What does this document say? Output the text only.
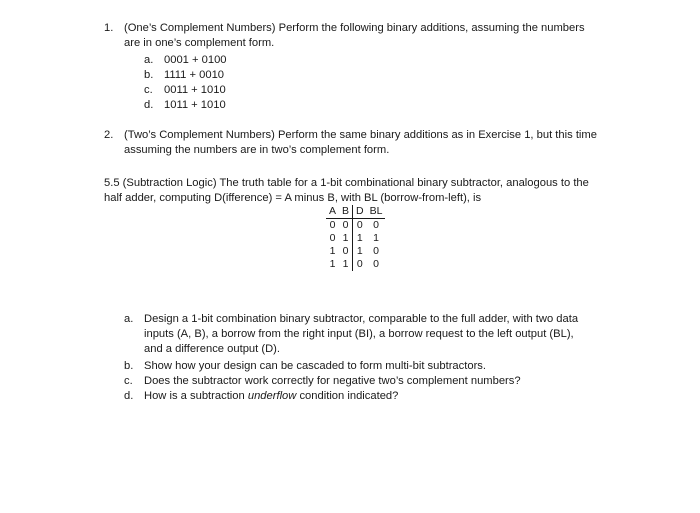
1. (One’s Complement Numbers) Perform the following binary additions, assuming the numbers
are in one’s complement form.
a. 0001 + 0100
b. 1111 + 0010
c. 0011 + 1010
d. 1011 + 1010
2. (Two’s Complement Numbers) Perform the same binary additions as in Exercise 1, but this time
assuming the numbers are in two’s complement form.
5.5 (Subtraction Logic) The truth table for a 1-bit combinational binary subtractor, analogous to the
half adder, computing D(ifference) = A minus B, with BL (borrow-from-left), is
A	B	D	BL
0	0	0	0
0	1	1	1
1	0	1	0
1	1	0	0
a. Design a 1-bit combination binary subtractor, comparable to the full adder, with two data
inputs (A, B), a borrow from the right input (BI), a borrow request to the left output (BL),
and a difference output (D).
b. Show how your design can be cascaded to form multi-bit subtractors.
c. Does the subtractor work correctly for negative two’s complement numbers?
d. How is a subtraction underflow condition indicated?
